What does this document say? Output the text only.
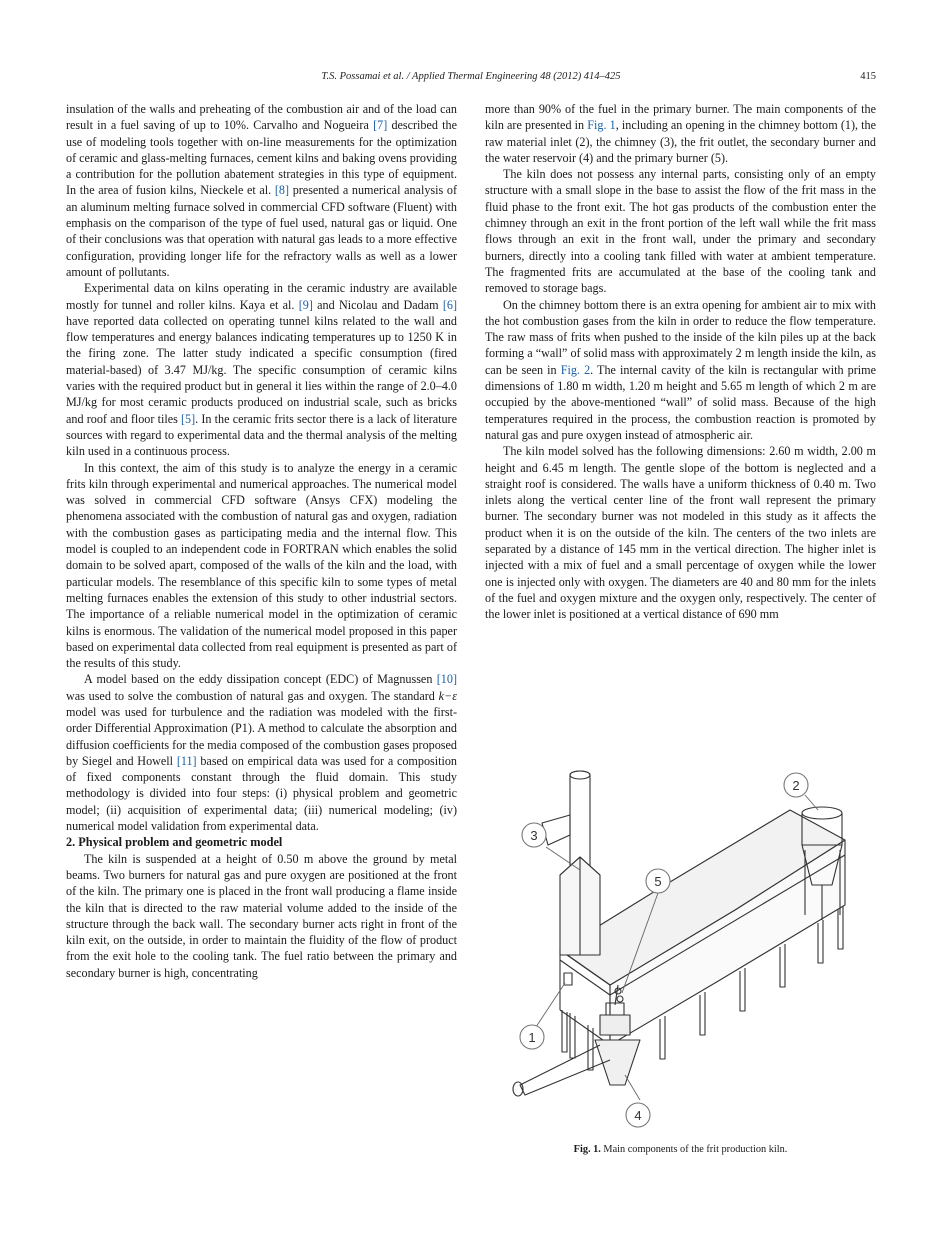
T.S. Possamai et al. / Applied Thermal Engineering 48 (2012) 414–425	415

insulation of the walls and preheating of the combustion air and of the load can result in a fuel saving of up to 10%. Carvalho and Nogueira [7] described the use of modeling tools together with on-line measurements for the optimization of ceramic and glass-melting furnaces, cement kilns and baking ovens providing a contribution for the pollution abatement strategies in this type of equipment. In the area of fusion kilns, Nieckele et al. [8] presented a numerical analysis of an aluminum melting furnace solved in commercial CFD software (Fluent) with emphasis on the comparison of the type of fuel used, natural gas or liquid. One of their conclusions was that operation with natural gas leads to a more effective configuration, providing longer life for the refractory walls as well as a lower amount of pollutants.

Experimental data on kilns operating in the ceramic industry are available mostly for tunnel and roller kilns. Kaya et al. [9] and Nicolau and Dadam [6] have reported data collected on operating tunnel kilns related to the wall and flow temperatures and energy balances indicating temperatures up to 1250 K in the firing zone. The latter study indicated a specific consumption (fired material-based) of 3.47 MJ/kg. The specific consumption of ceramic kilns varies with the required product but in general it lies within the range of 2.0–4.0 MJ/kg for most ceramic products produced on industrial scale, such as bricks and roof and floor tiles [5]. In the ceramic frits sector there is a lack of literature sources with regard to experimental data and the thermal analysis of the melting kiln used in a continuous process.

In this context, the aim of this study is to analyze the energy in a ceramic frits kiln through experimental and numerical approaches. The numerical model was solved in commercial CFD software (Ansys CFX) modeling the phenomena associated with the combustion of natural gas and oxygen, radiation with the combustion gases as participating media and the internal flow. This model is coupled to an independent code in FORTRAN which enables the solid domain to be solved apart, composed of the walls of the kiln and the load, with particular models. The resemblance of this specific kiln to some types of metal melting furnaces enables the extension of this study to other industrial sectors. The importance of a reliable numerical model in the optimization of ceramic kilns is enormous. The validation of the numerical model proposed in this paper based on experimental data collected from real equipment is presented as part of the results of this study.

A model based on the eddy dissipation concept (EDC) of Magnussen [10] was used to solve the combustion of natural gas and oxygen. The standard k−ε model was used for turbulence and the radiation was modeled with the first-order Differential Approximation (P1). A method to calculate the absorption and diffusion coefficients for the media composed of the combustion gases proposed by Siegel and Howell [11] based on empirical data was used for a composition of fixed components constant through the fluid domain. This study methodology is divided into four steps: (i) physical problem and geometric model; (ii) acquisition of experimental data; (iii) numerical modeling; (iv) numerical model validation from experimental data.

2. Physical problem and geometric model

The kiln is suspended at a height of 0.50 m above the ground by metal beams. Two burners for natural gas and pure oxygen are positioned at the front of the kiln. The primary one is placed in the front wall producing a flame inside the kiln that is directed to the raw material volume added to the inside of the structure through the back wall. The secondary burner acts right in front of the kiln exit, on the outside, in order to maintain the fluidity of the flow of product from the exit hole to the cooling tank. The fuel ratio between the primary and secondary burner is high, concentrating

more than 90% of the fuel in the primary burner. The main components of the kiln are presented in Fig. 1, including an opening in the chimney bottom (1), the raw material inlet (2), the chimney (3), the frit outlet, the secondary burner and the water reservoir (4) and the primary burner (5).

The kiln does not possess any internal parts, consisting only of an empty structure with a small slope in the base to assist the flow of the frit mass in the fluid phase to the front exit. The hot gas products of the combustion enter the chimney through an exit in the front portion of the left wall while the frit mass flows through an exit in the front wall, under the primary and secondary burners, directly into a cooling tank filled with water at ambient temperature. The fragmented frits are accumulated at the base of the cooling tank and removed to storage bags.

On the chimney bottom there is an extra opening for ambient air to mix with the hot combustion gases from the kiln in order to reduce the flow temperature. The raw mass of frits when pushed to the inside of the kiln piles up at the back forming a “wall” of solid mass with approximately 2 m length inside the kiln, as can be seen in Fig. 2. The internal cavity of the kiln is rectangular with prime dimensions of 1.80 m width, 1.20 m height and 5.65 m length of which 2 m are occupied by the above-mentioned “wall” of solid mass. Because of the high temperatures required in the process, the combustion reaction is promoted by natural gas and pure oxygen instead of atmospheric air.

The kiln model solved has the following dimensions: 2.60 m width, 2.00 m height and 6.45 m length. The gentle slope of the bottom is neglected and a straight roof is considered. The walls have a uniform thickness of 0.40 m. Two inlets along the vertical center line of the front wall represent the primary burner. The secondary burner was not modeled in this study as it affects the product when it is on the outside of the kiln. The centers of the two inlets are separated by a distance of 145 mm in the vertical direction. The higher inlet is injected with a mix of fuel and a small percentage of oxygen while the lower one is injected only with oxygen. The diameters are 40 and 80 mm for the inlets of the fuel and oxygen mixture and the oxygen only, respectively. The center of the lower inlet is positioned at a vertical distance of 690 mm

1
2
3
4
5
Fig. 1. Main components of the frit production kiln.
